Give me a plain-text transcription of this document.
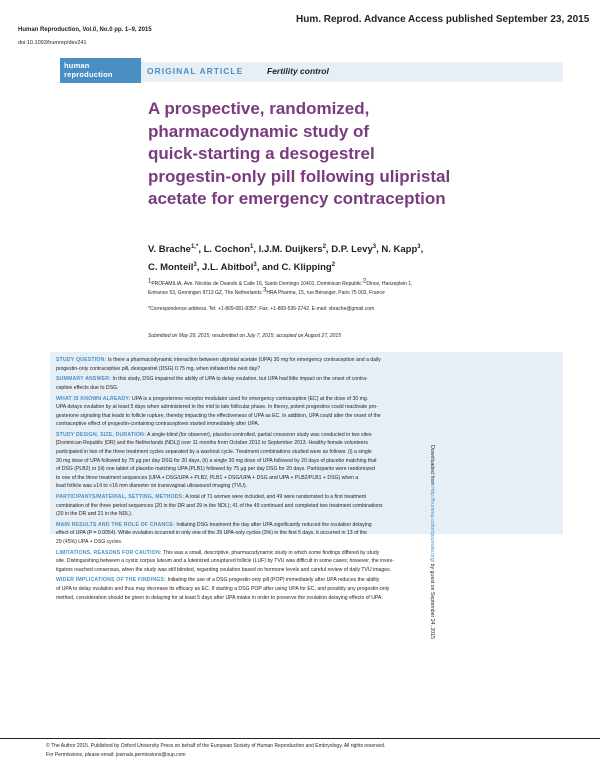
Hum. Reprod. Advance Access published September 23, 2015
Human Reproduction, Vol.0, No.0 pp. 1–9, 2015
doi:10.1093/humrep/dev241
human
reproduction	ORIGINAL ARTICLE	Fertility control
A prospective, randomized,
pharmacodynamic study of
quick-starting a desogestrel
progestin-only pill following ulipristal
acetate for emergency contraception
V. Brache$^{1,*}$, L. Cochon$^1$, I.J.M. Duijkers$^2$, D.P. Levy$^3$, N. Kapp$^3$,
C. Monteil$^3$, J.L. Abitbol$^3$, and C. Klipping$^2$
$^1$PROFAMILIA, Ave. Nicolás de Ovando & Calle 16, Santo Domingo 10401, Dominican Republic $^2$Dinox, Hanzeplein 1,
Entrance 53, Groningen 9713 GZ, The Netherlands $^3$HRA Pharma, 15, rue Béranger, Paris 75 003, France
*Correspondence address. Tel: +1-809-681-8357; Fax: +1-809-536-2742. E-mail: vbrache@gmail.com
Submitted on May 29, 2015; resubmitted on July 7, 2015; accepted on August 27, 2015
STUDY QUESTION: Is there a pharmacodynamic interaction between ulipristal acetate (UPA) 30 mg for emergency contraception and a daily
progestin-only contraceptive pill, desogestrel (DSG) 0.75 mg, when initiated the next day?
SUMMARY ANSWER: In this study, DSG impaired the ability of UPA to delay ovulation, but UPA had little impact on the onset of contra-
ceptive effects due to DSG.
WHAT IS KNOWN ALREADY: UPA is a progesterone receptor modulator used for emergency contraceptive (EC) at the dose of 30 mg.
UPA delays ovulation by at least 5 days when administered in the mid to late follicular phase. In theory, potent progestins could reactivate pro-
gesterone signaling that leads to follicle rupture, thereby impacting the effectiveness of UPA as EC. In addition, UPA could alter the onset of the
contraceptive effect of progestin-containing contraceptives started immediately after UPA.
STUDY DESIGN, SIZE, DURATION: A single-blind (for observer), placebo-controlled, partial crossover study was conducted in two sites
[Dominican Republic (DR) and the Netherlands (NDL)] over 11 months from October 2012 to September 2013. Healthy female volunteers
participated in two of the three treatment cycles separated by a washout cycle. Treatment combinations studied were as follows: (i) a single
30 mg dose of UPA followed by 75 μg per day DSG for 20 days, (ii) a single 30 mg dose of UPA followed by 20 days of placebo matching that
of DSG (PLB2) or (iii) one tablet of placebo matching UPA (PLB1) followed by 75 μg per day DSG for 20 days. Participants were randomized
to one of the three treatment sequences (UPA + DSG/UPA + PLB2, PLB1 + DSG/UPA + DSG and UPA + PLB2/PLB1 + DSG) when a
lead follicle was ≥14 to <16 mm diameter on transvaginal ultrasound imaging (TVU).
PARTICIPANTS/MATERIAL, SETTING, METHODS: A total of 71 women were included, and 49 were randomized to a first treatment
combination of the three period sequences (20 in the DR and 29 in the NDL); 41 of the 49 continued and completed two treatment combinations
(20 in the DR and 21 in the NDL).
MAIN RESULTS AND THE ROLE OF CHANCE: Initiating DSG treatment the day after UPA significantly reduced the ovulation delaying
effect of UPA (P = 0.0054). While ovulation occurred in only one of the 29 UPA-only cycles (3%) in the first 5 days, it occurred in 13 of the
29 (45%) UPA + DSG cycles.
LIMITATIONS, REASONS FOR CAUTION: This was a small, descriptive, pharmacodynamic study in which some findings differed by study
site. Distinguishing between a cystic corpus luteum and a luteinized unruptured follicle (LUF) by TVU was difficult in some cases; however, the inves-
tigators reached consensus, when the study was still blinded, regarding ovulation based on hormone levels and careful review of daily TVU images.
WIDER IMPLICATIONS OF THE FINDINGS: Initiating the use of a DSG progestin-only pill (POP) immediately after UPA reduces the ability
of UPA to delay ovulation and thus may decrease its efficacy as EC. If starting a DSG POP after using UPA for EC, and possibly any progestin-only
method, consideration should be given to delaying for at least 5 days after UPA intake in order to preserve the ovulation delaying effects of UPA.
Downloaded from http://humrep.oxfordjournals.org/ by guest on September 24, 2015
© The Author 2015. Published by Oxford University Press on behalf of the European Society of Human Reproduction and Embryology. All rights reserved.
For Permissions, please email: journals.permissions@oup.com
